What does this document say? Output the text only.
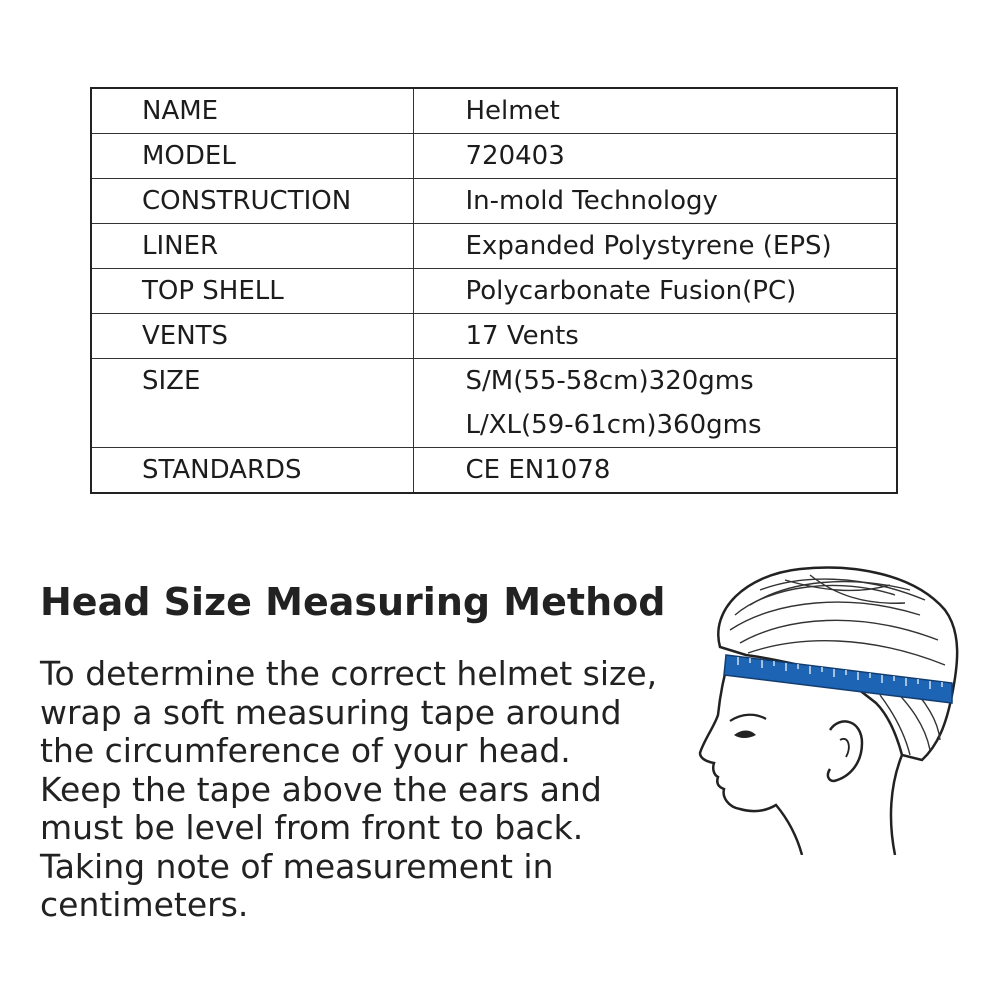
NAME	Helmet

MODEL	720403

CONSTRUCTION	In-mold Technology

LINER	Expanded Polystyrene (EPS)

TOP SHELL	Polycarbonate Fusion(PC)

VENTS	17 Vents

SIZE	S/M(55-58cm)320gms
L/XL(59-61cm)360gms

STANDARDS	CE EN1078
Head Size Measuring Method
To determine the correct helmet size,
wrap a soft measuring tape around
the circumference of your head.
Keep the tape above the ears and
must be level from front to back.
Taking note of measurement in
centimeters.
